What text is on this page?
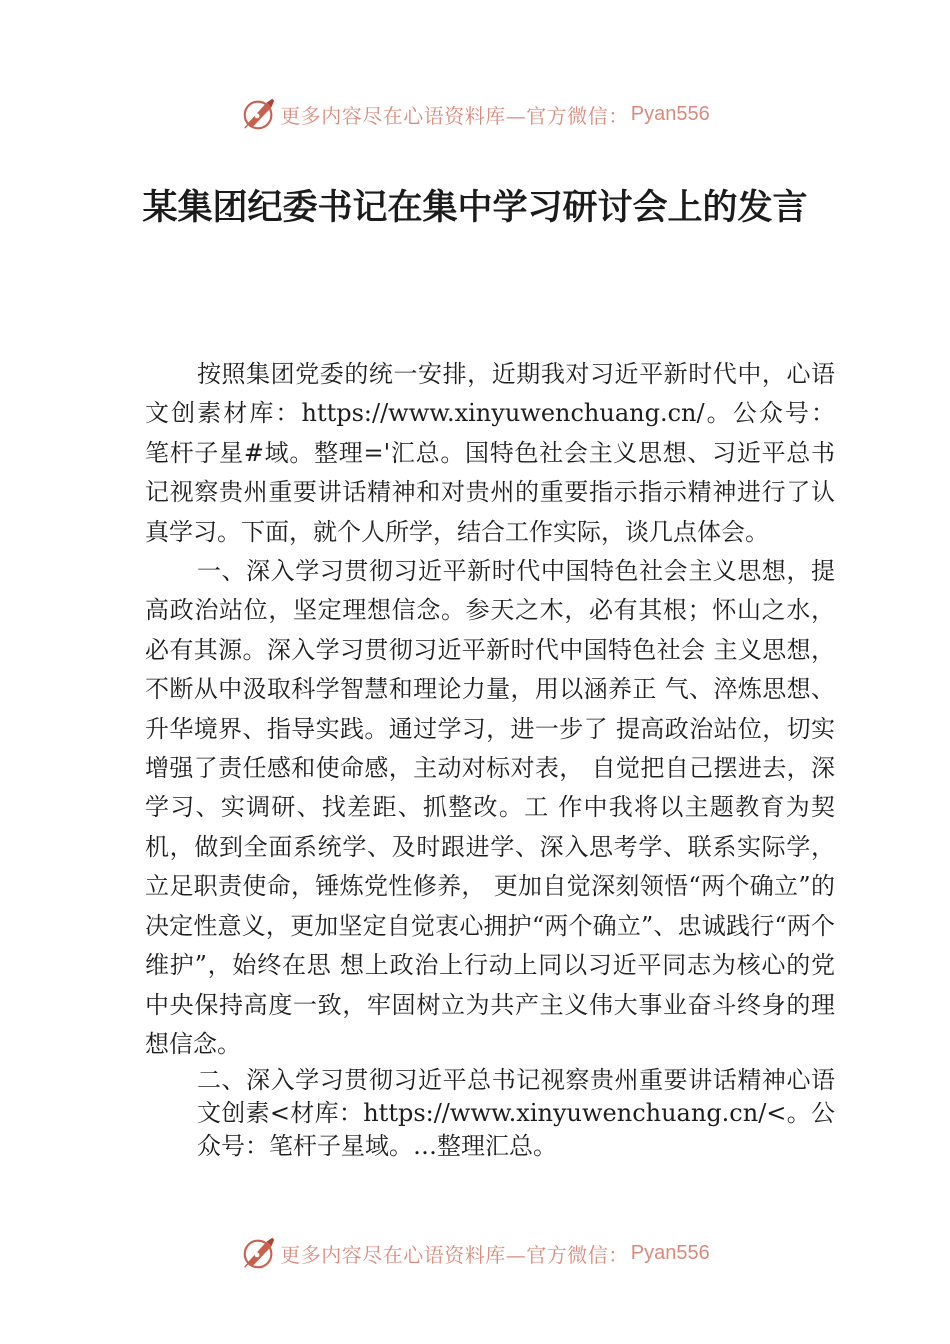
更多内容尽在心语资料库—官方微信： Pyan556
某集团纪委书记在集中学习研讨会上的发言

按照集团党委的统一安排，近期我对习近平新时代中，心语文创素材库：https://www.xinyuwenchuang.cn/。公众号：笔杆子星#域。整理='汇总。国特色社会主义思想、习近平总书记视察贵州重要讲话精神和对贵州的重要指示指示精神进行了认真学习。下面，就个人所学，结合工作实际，谈几点体会。

一、深入学习贯彻习近平新时代中国特色社会主义思想，提高政治站位，坚定理想信念。参天之木，必有其根；怀山之水，必有其源。深入学习贯彻习近平新时代中国特色社会 主义思想，不断从中汲取科学智慧和理论力量，用以涵养正 气、淬炼思想、升华境界、指导实践。通过学习，进一步了 提高政治站位，切实增强了责任感和使命感，主动对标对表， 自觉把自己摆进去，深学习、实调研、找差距、抓整改。工 作中我将以主题教育为契机，做到全面系统学、及时跟进学、深入思考学、联系实际学，立足职责使命，锤炼党性修养， 更加自觉深刻领悟“两个确立”的决定性意义，更加坚定自觉衷心拥护“两个确立”、忠诚践行“两个维护”，始终在思 想上政治上行动上同以习近平同志为核心的党中央保持高度一致，牢固树立为共产主义伟大事业奋斗终身的理想信念。

二、深入学习贯彻习近平总书记视察贵州重要讲话精神心语文创素<材库：https://www.xinyuwenchuang.cn/<。公众号：笔杆子星域。…整理汇总。

更多内容尽在心语资料库—官方微信： Pyan556
